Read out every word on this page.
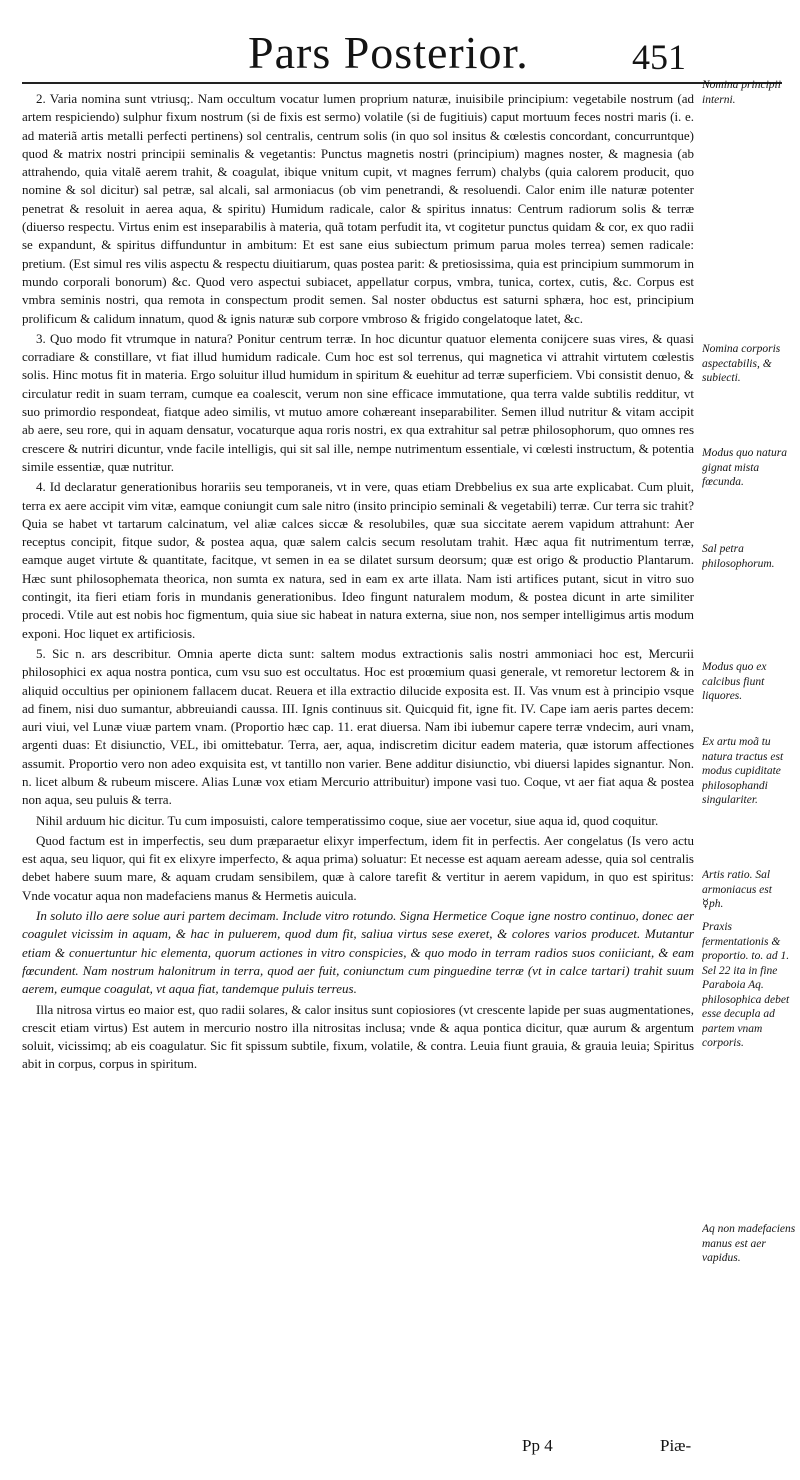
Pars Posterior.	451

2. Varia nomina sunt vtriusq;. Nam occultum vocatur lumen proprium naturæ, inuisibile principium: vegetabile nostrum (ad artem respiciendo) sulphur fixum nostrum (si de fixis est sermo) volatile (si de fugitiuis) caput mortuum feces nostri maris (i. e. ad materiã artis metalli perfecti pertinens) sol centralis, centrum solis (in quo sol insitus & cœlestis concordant, concurruntque) quod & matrix nostri principii seminalis & vegetantis: Punctus magnetis nostri (principium) magnes noster, & magnesia (ab attrahendo, quia vitalẽ aerem trahit, & coagulat, ibique vnitum cupit, vt magnes ferrum) chalybs (quia calorem producit, quo nomine & sol dicitur) sal petræ, sal alcali, sal armoniacus (ob vim penetrandi, & resoluendi. Calor enim ille naturæ potenter penetrat & resoluit in aerea aqua, & spiritu) Humidum radicale, calor & spiritus innatus: Centrum radiorum solis & terræ (diuerso respectu. Virtus enim est inseparabilis à materia, quã totam perfudit ita, vt cogitetur punctus quidam & cor, ex quo radii se expandunt, & spiritus diffunduntur in ambitum: Et est sane eius subiectum primum parua moles terrea) semen radicale: pretium. (Est simul res vilis aspectu & respectu diuitiarum, quas postea parit: & pretiosissima, quia est principium summorum in mundo corporali bonorum) &c. Quod vero aspectui subiacet, appellatur corpus, vmbra, tunica, cortex, cutis, &c. Corpus est vmbra seminis nostri, qua remota in conspectum prodit semen. Sal noster obductus est saturni sphæra, hoc est, principium prolificum & calidum innatum, quod & ignis naturæ sub corpore vmbroso & frigido congelatoque latet, &c.

3. Quo modo fit vtrumque in natura? Ponitur centrum terræ. In hoc dicuntur quatuor elementa conijcere suas vires, & quasi corradiare & constillare, vt fiat illud humidum radicale. Cum hoc est sol terrenus, qui magnetica vi attrahit virtutem cœlestis solis. Hinc motus fit in materia. Ergo soluitur illud humidum in spiritum & euehitur ad terræ superficiem. Vbi consistit denuo, & circulatur redit in suam terram, cumque ea coalescit, verum non sine efficace immutatione, qua terra valde subtilis redditur, vt suo primordio respondeat, fiatque adeo similis, vt mutuo amore cohæreant inseparabiliter. Semen illud nutritur & vitam accipit ab aere, seu rore, qui in aquam densatur, vocaturque aqua roris nostri, ex qua extrahitur sal petræ philosophorum, quo omnes res crescere & nutriri dicuntur, vnde facile intelligis, qui sit sal ille, nempe nutrimentum essentiale, vi cœlesti instructum, & potentia simile essentiæ, quæ nutritur.

4. Id declaratur generationibus horariis seu temporaneis, vt in vere, quas etiam Drebbelius ex sua arte explicabat. Cum pluit, terra ex aere accipit vim vitæ, eamque coniungit cum sale nitro (insito principio seminali & vegetabili) terræ. Cur terra sic trahit? Quia se habet vt tartarum calcinatum, vel aliæ calces siccæ & resolubiles, quæ sua siccitate aerem vapidum attrahunt: Aer receptus concipit, fitque sudor, & postea aqua, quæ salem calcis secum resolutam trahit. Hæc aqua fit nutrimentum terræ, eamque auget virtute & quantitate, facitque, vt semen in ea se dilatet sursum deorsum; quæ est origo & productio Plantarum. Hæc sunt philosophemata theorica, non sumta ex natura, sed in eam ex arte illata. Nam isti artifices putant, sicut in vitro suo contingit, ita fieri etiam foris in mundanis generationibus. Ideo fingunt naturalem modum, & postea dicunt in arte similiter procedi. Vtile aut est nobis hoc figmentum, quia siue sic habeat in natura externa, siue non, nos semper intelligimus artis modum exponi. Hoc liquet ex artificiosis.

5. Sic n. ars describitur. Omnia aperte dicta sunt: saltem modus extractionis salis nostri ammoniaci hoc est, Mercurii philosophici ex aqua nostra pontica, cum vsu suo est occultatus. Hoc est proœmium quasi generale, vt remoretur lectorem & in aliquid occultius per opinionem fallacem ducat. Reuera et illa extractio dilucide exposita est. II. Vas vnum est à principio vsque ad finem, nisi duo sumantur, abbreuiandi caussa. III. Ignis continuus sit. Quicquid fit, igne fit. IV. Cape iam aeris partes decem: auri viui, vel Lunæ viuæ partem vnam. (Proportio hæc cap. 11. erat diuersa. Nam ibi iubemur capere terræ vndecim, auri vnam, argenti duas: Et disiunctio, VEL, ibi omittebatur. Terra, aer, aqua, indiscretim dicitur eadem materia, quæ istorum affectiones assumit. Proportio vero non adeo exquisita est, vt tantillo non varier. Bene additur disiunctio, vbi diuersi lapides signantur. Non. n. licet album & rubeum miscere. Alias Lunæ vox etiam Mercurio attribuitur) impone vasi tuo. Coque, vt aer fiat aqua & postea non aqua, seu puluis & terra.

Nihil arduum hic dicitur. Tu cum imposuisti, calore temperatissimo coque, siue aer vocetur, siue aqua id, quod coquitur.

Quod factum est in imperfectis, seu dum præparaetur elixyr imperfectum, idem fit in perfectis. Aer congelatus (Is vero actu est aqua, seu liquor, qui fit ex elixyre imperfecto, & aqua prima) soluatur: Et necesse est aquam aeream adesse, quia sol centralis debet habere suum mare, & aquam crudam sensibilem, quæ à calore tarefit & vertitur in aerem vapidum, in quo est spiritus: Vnde vocatur aqua non madefaciens manus & Hermetis auicula.

In soluto illo aere solue auri partem decimam. Include vitro rotundo. Signa Hermetice Coque igne nostro continuo, donec aer coagulet vicissim in aquam, & hac in puluerem, quod dum fit, saliua virtus sese exeret, & colores varios producet. Mutantur etiam & conuertuntur hic elementa, quorum actiones in vitro conspicies, & quo modo in terram radios suos coniiciant, & eam fœcundent. Nam nostrum halonitrum in terra, quod aer fuit, coniunctum cum pinguedine terræ (vt in calce tartari) trahit suum aerem, eumque coagulat, vt aqua fiat, tandemque puluis terreus.

Illa nitrosa virtus eo maior est, quo radii solares, & calor insitus sunt copiosiores (vt crescente lapide per suas augmentationes, crescit etiam virtus) Est autem in mercurio nostro illa nitrositas inclusa; vnde & aqua pontica dicitur, quæ aurum & argentum soluit, vicissimq; ab eis coagulatur. Sic fit spissum subtile, fixum, volatile, & contra. Leuia fiunt grauia, & grauia leuia; Spiritus abit in corpus, corpus in spiritum.

Nomina principii interni.

Nomina corporis aspectabilis, & subiecti.

Modus quo natura gignat mista fœcunda.

Sal petra philosophorum.

Modus quo ex calcibus fiunt liquores.

Ex artu moã tu natura tractus est modus cupiditate philosophandi singulariter.

Artis ratio. Sal armoniacus est ☿ph.

Praxis fermentationis & proportio. to. ad 1. Sel 22 ita in fine Paraboia Aq. philosophica debet esse decupla ad partem vnam corporis.

Aq non madefaciens manus est aer vapidus.

Pp 4	Piæ-
